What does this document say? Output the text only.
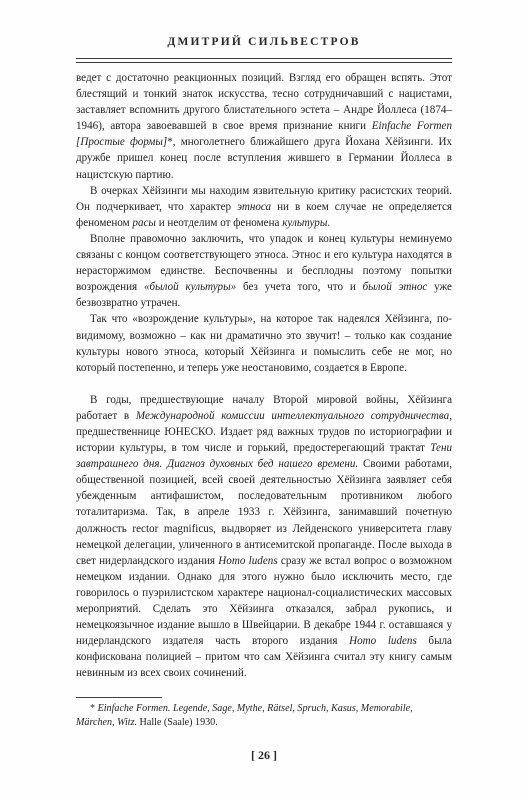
ДМИТРИЙ СИЛЬВЕСТРОВ

ведет с достаточно реакционных позиций. Взгляд его обращен вспять. Этот блестящий и тонкий знаток искусства, тесно сотрудничавший с нацистами, заставляет вспомнить другого блистательного эстета – Андре Йоллеса (1874–1946), автора завоевавшей в свое время признание книги Einfache Formen [Простые формы]*, многолетнего ближайшего друга Йохана Хёйзинги. Их дружбе пришел конец после вступления жившего в Германии Йоллеса в нацистскую партию.

В очерках Хёйзинги мы находим язвительную критику расистских теорий. Он подчеркивает, что характер этноса ни в коем случае не определяется феноменом расы и неотделим от феномена культуры.

Вполне правомочно заключить, что упадок и конец культуры неминуемо связаны с концом соответствующего этноса. Этнос и его культура находятся в нерасторжимом единстве. Беспочвенны и бесплодны поэтому попытки возрождения «былой культуры» без учета того, что и былой этнос уже безвозвратно утрачен.

Так что «возрождение культуры», на которое так надеялся Хёйзинга, по-видимому, возможно – как ни драматично это звучит! – только как создание культуры нового этноса, который Хёйзинга и помыслить себе не мог, но который постепенно, и теперь уже неостановимо, создается в Европе.

В годы, предшествующие началу Второй мировой войны, Хёйзинга работает в Международной комиссии интеллектуального сотрудничества, предшественнице ЮНЕСКО. Издает ряд важных трудов по историографии и истории культуры, в том числе и горький, предостерегающий трактат Тени завтрашнего дня. Диагноз духовных бед нашего времени. Своими работами, общественной позицией, всей своей деятельностью Хёйзинга заявляет себя убежденным антифашистом, последовательным противником любого тоталитаризма. Так, в апреле 1933 г. Хёйзинга, занимавший почетную должность rector magnificus, выдворяет из Лейденского университета главу немецкой делегации, уличенного в антисемитской пропаганде. После выхода в свет нидерландского издания Homo ludens сразу же встал вопрос о возможном немецком издании. Однако для этого нужно было исключить место, где говорилось о пуэрилистском характере национал-социалистических массовых мероприятий. Сделать это Хёйзинга отказался, забрал рукопись, и немецкоязычное издание вышло в Швейцарии. В декабре 1944 г. оставшаяся у нидерландского издателя часть второго издания Homo ludens была конфискована полицией – притом что сам Хёйзинга считал эту книгу самым невинным из всех своих сочинений.

* Einfache Formen. Legende, Sage, Mythe, Rätsel, Spruch, Kasus, Memorabile, Märchen, Witz. Halle (Saale) 1930.
[ 26 ]
